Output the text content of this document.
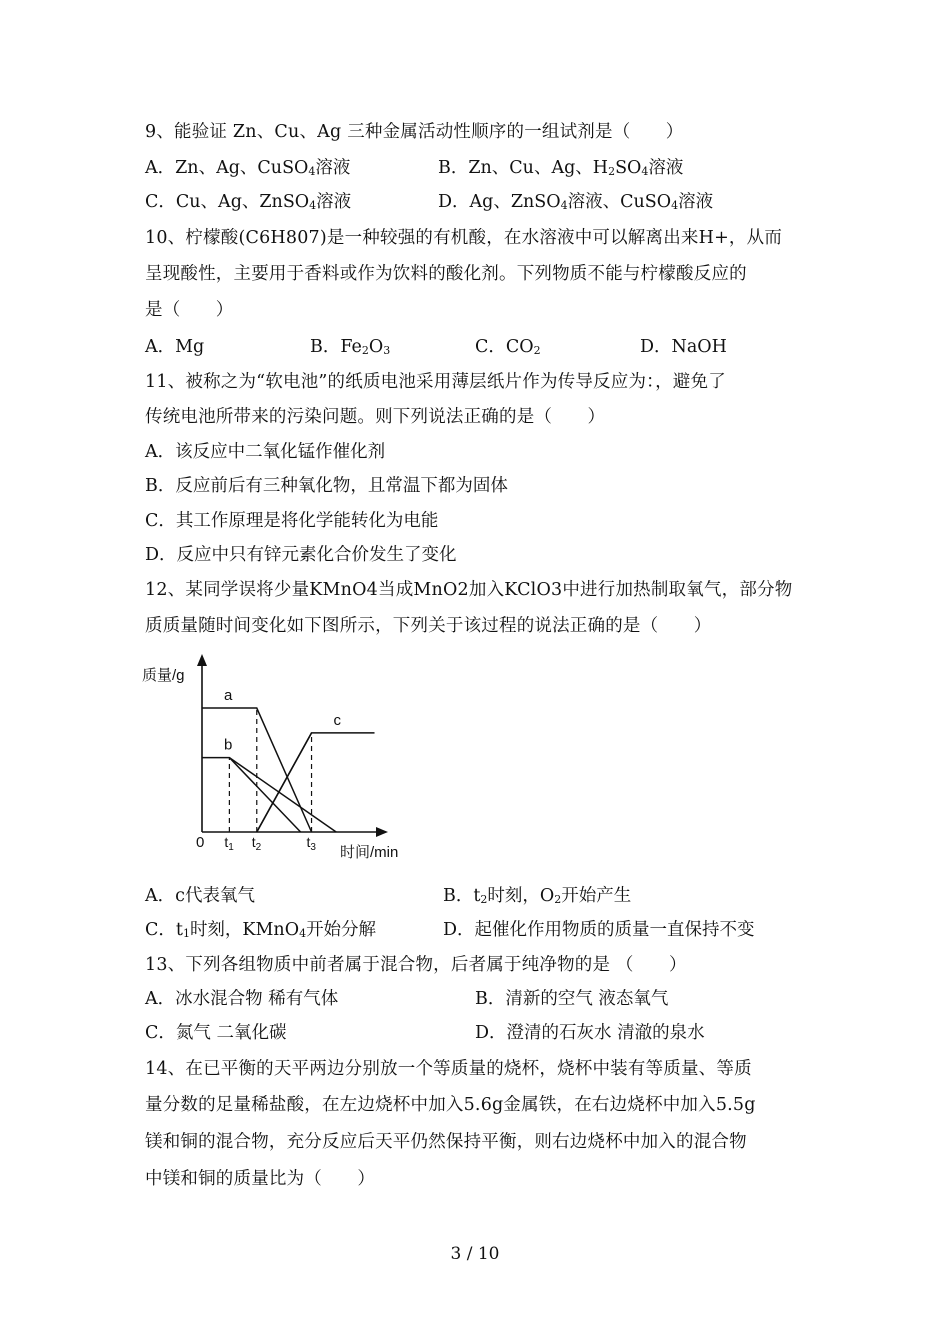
9、能验证 Zn、Cu、Ag 三种金属活动性顺序的一组试剂是（　　）
A．Zn、Ag、CuSO$_4$溶液	B．Zn、Cu、Ag、$H_2SO_4$溶液
C．Cu、Ag、ZnSO$_4$溶液	D．Ag、ZnSO$_4$溶液、CuSO$_4$溶液
10、柠檬酸(C6H807)是一种较强的有机酸，在水溶液中可以解离出来H+，从而
呈现酸性，主要用于香料或作为饮料的酸化剂。下列物质不能与柠檬酸反应的
是（　　）
A．Mg	B．$Fe_2O_3$	C．$CO_2$	D．NaOH
11、被称之为“软电池”的纸质电池采用薄层纸片作为传导反应为：，避免了
传统电池所带来的污染问题。则下列说法正确的是（　　）
A．该反应中二氧化锰作催化剂
B．反应前后有三种氧化物，且常温下都为固体
C．其工作原理是将化学能转化为电能
D．反应中只有锌元素化合价发生了变化
12、某同学误将少量KMnO4当成MnO2加入KClO3中进行加热制取氧气，部分物
质质量随时间变化如下图所示，下列关于该过程的说法正确的是（　　）
质量/g
时间/min
0
a
b
c
$t_1$ $t_2$	$t_3$
A．c代表氧气	B．$t_2$时刻，$O_2$开始产生
C．$t_1$时刻，KMnO$_4$开始分解	D．起催化作用物质的质量一直保持不变
13、下列各组物质中前者属于混合物，后者属于纯净物的是 （　　）
A．冰水混合物 稀有气体	B．清新的空气 液态氧气
C．氮气 二氧化碳	D．澄清的石灰水 清澈的泉水
14、在已平衡的天平两边分别放一个等质量的烧杯，烧杯中装有等质量、等质
量分数的足量稀盐酸，在左边烧杯中加入5.6g金属铁，在右边烧杯中加入5.5g
镁和铜的混合物，充分反应后天平仍然保持平衡，则右边烧杯中加入的混合物
中镁和铜的质量比为（　　）
3 / 10
